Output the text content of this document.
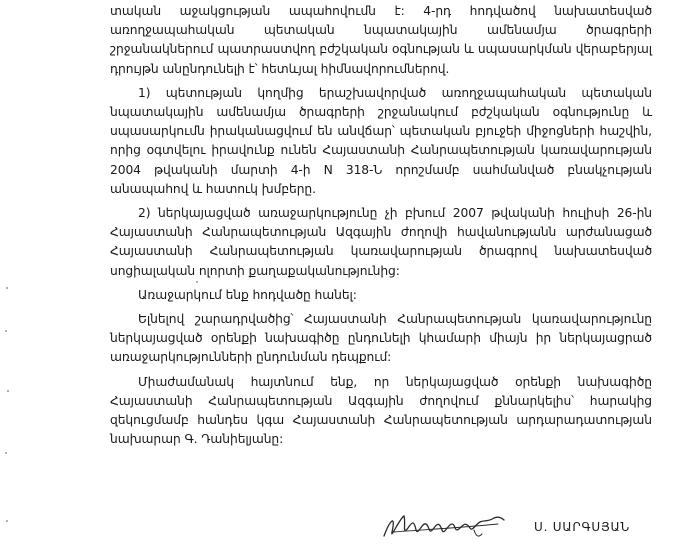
տական աջակցության ապահովումն է: 4-րդ հոդվածով նախատեսված առողջապահական պետական նպատակային ամենամյա ծրագրերի շրջանակներում պատրաստվող բժշկական օգնության և սպասարկման վերաբերյալ դրույթն անընդունելի է՝ հետևյալ հիմնավորումներով.

1) պետության կողմից երաշխավորված առողջապահական պետական նպատակային ամենամյա ծրագրերի շրջանակում բժշկական օգնությունը և սպասարկումն իրականացվում են անվճար՝ պետական բյուջեի միջոցների հաշվին, որից օգտվելու իրավունք ունեն Հայաստանի Հանրապետության կառավարության 2004 թվականի մարտի 4-ի N 318-Ն որոշմամբ սահմանված բնակչության անապահով և հատուկ խմբերը.

2) ներկայացված առաջարկությունը չի բխում 2007 թվականի հուլիսի 26-ին Հայաստանի Հանրապետության Ազգային ժողովի հավանությանն արժանացած Հայաստանի Հանրապետության կառավարության ծրագրով նախատեսված սոցիալական ոլորտի քաղաքականությունից:

Առաջարկում ենք հոդվածը հանել:

Ելնելով շարադրվածից՝ Հայաստանի Հանրապետության կառավարությունը ներկայացված օրենքի նախագիծը ընդունելի կհամարի միայն իր ներկայացրած առաջարկությունների ընդունման դեպքում:

Միաժամանակ հայտնում ենք, որ ներկայացված օրենքի նախագիծը Հայաստանի Հանրապետության Ազգային ժողովում քննարկելիս՝ հարակից զեկուցմամբ հանդես կգա Հայաստանի Հանրապետության արդարադատության նախարար Գ. Դանիելյանը:

Ս. ՍԱՐԳՍՅԱՆ
